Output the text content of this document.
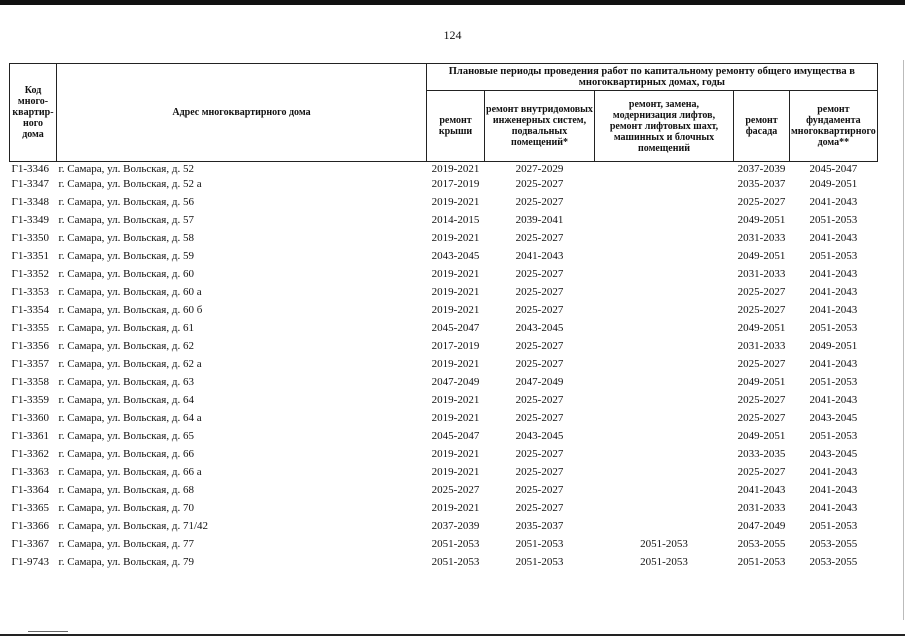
124
Код много-квартир-ного дома	Адрес многоквартирного дома	Плановые периоды проведения работ по капитальному ремонту общего имущества в многоквартирных домах, годы				
		ремонт крыши	ремонт внутридомовых инженерных систем, подвальных помещений*	ремонт, замена, модернизация лифтов, ремонт лифтовых шахт, машинных и блочных помещений	ремонт фасада	ремонт фундамента многоквартирного дома**
Г1-3346	г. Самара, ул. Вольская, д. 52	2019-2021	2027-2029		2037-2039	2045-2047
Г1-3347	г. Самара, ул. Вольская, д. 52 а	2017-2019	2025-2027		2035-2037	2049-2051
Г1-3348	г. Самара, ул. Вольская, д. 56	2019-2021	2025-2027		2025-2027	2041-2043
Г1-3349	г. Самара, ул. Вольская, д. 57	2014-2015	2039-2041		2049-2051	2051-2053
Г1-3350	г. Самара, ул. Вольская, д. 58	2019-2021	2025-2027		2031-2033	2041-2043
Г1-3351	г. Самара, ул. Вольская, д. 59	2043-2045	2041-2043		2049-2051	2051-2053
Г1-3352	г. Самара, ул. Вольская, д. 60	2019-2021	2025-2027		2031-2033	2041-2043
Г1-3353	г. Самара, ул. Вольская, д. 60 а	2019-2021	2025-2027		2025-2027	2041-2043
Г1-3354	г. Самара, ул. Вольская, д. 60 б	2019-2021	2025-2027		2025-2027	2041-2043
Г1-3355	г. Самара, ул. Вольская, д. 61	2045-2047	2043-2045		2049-2051	2051-2053
Г1-3356	г. Самара, ул. Вольская, д. 62	2017-2019	2025-2027		2031-2033	2049-2051
Г1-3357	г. Самара, ул. Вольская, д. 62 а	2019-2021	2025-2027		2025-2027	2041-2043
Г1-3358	г. Самара, ул. Вольская, д. 63	2047-2049	2047-2049		2049-2051	2051-2053
Г1-3359	г. Самара, ул. Вольская, д. 64	2019-2021	2025-2027		2025-2027	2041-2043
Г1-3360	г. Самара, ул. Вольская, д. 64 а	2019-2021	2025-2027		2025-2027	2043-2045
Г1-3361	г. Самара, ул. Вольская, д. 65	2045-2047	2043-2045		2049-2051	2051-2053
Г1-3362	г. Самара, ул. Вольская, д. 66	2019-2021	2025-2027		2033-2035	2043-2045
Г1-3363	г. Самара, ул. Вольская, д. 66 а	2019-2021	2025-2027		2025-2027	2041-2043
Г1-3364	г. Самара, ул. Вольская, д. 68	2025-2027	2025-2027		2041-2043	2041-2043
Г1-3365	г. Самара, ул. Вольская, д. 70	2019-2021	2025-2027		2031-2033	2041-2043
Г1-3366	г. Самара, ул. Вольская, д. 71/42	2037-2039	2035-2037		2047-2049	2051-2053
Г1-3367	г. Самара, ул. Вольская, д. 77	2051-2053	2051-2053	2051-2053	2053-2055	2053-2055
Г1-9743	г. Самара, ул. Вольская, д. 79	2051-2053	2051-2053	2051-2053	2051-2053	2053-2055
